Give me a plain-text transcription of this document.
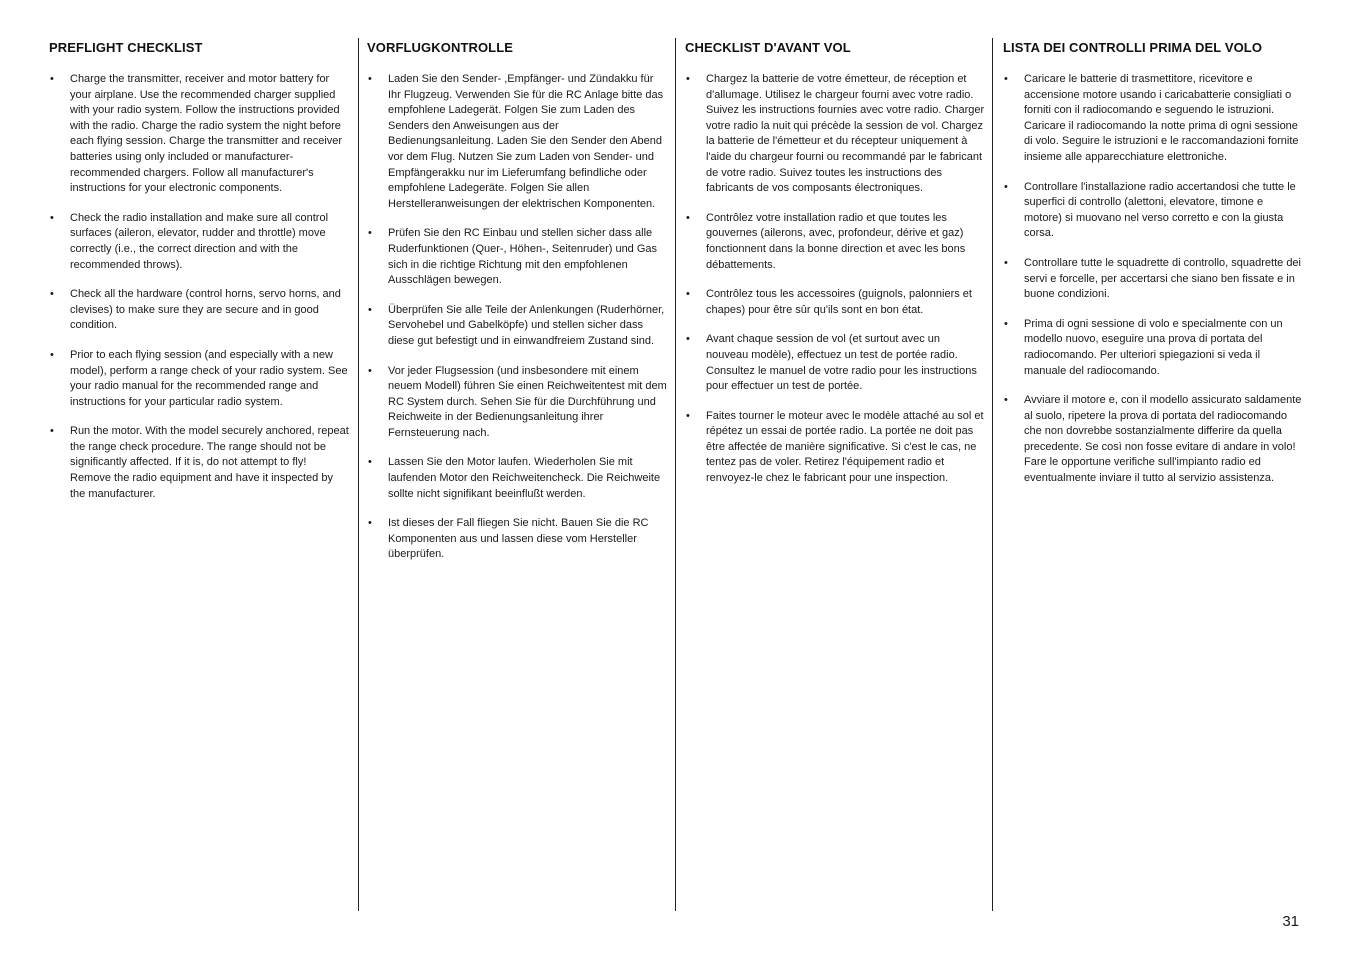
PREFLIGHT CHECKLIST
• Charge the transmitter, receiver and motor battery for your airplane. Use the recommended charger supplied with your radio system. Follow the instructions provided with the radio. Charge the radio system the night before each flying session. Charge the transmitter and receiver batteries using only included or manufacturer-recommended chargers. Follow all manufacturer's instructions for your electronic components.
• Check the radio installation and make sure all control surfaces (aileron, elevator, rudder and throttle) move correctly (i.e., the correct direction and with the recommended throws).
• Check all the hardware (control horns, servo horns, and clevises) to make sure they are secure and in good condition.
• Prior to each flying session (and especially with a new model), perform a range check of your radio system. See your radio manual for the recommended range and instructions for your particular radio system.
• Run the motor. With the model securely anchored, repeat the range check procedure. The range should not be significantly affected. If it is, do not attempt to fly! Remove the radio equipment and have it inspected by the manufacturer.
VORFLUGKONTROLLE
• Laden Sie den Sender- ,Empfänger- und Zündakku für Ihr Flugzeug. Verwenden Sie für die RC Anlage bitte das empfohlene Ladegerät. Folgen Sie zum Laden des Senders den Anweisungen aus der Bedienungsanleitung. Laden Sie den Sender den Abend vor dem Flug. Nutzen Sie zum Laden von Sender- und Empfängerakku nur im Lieferumfang befindliche oder empfohlene Ladegeräte. Folgen Sie allen Herstelleranweisungen der elektrischen Komponenten.
• Prüfen Sie den RC Einbau und stellen sicher dass alle Ruderfunktionen (Quer-, Höhen-, Seitenruder) und Gas sich in die richtige Richtung mit den empfohlenen Ausschlägen bewegen.
• Überprüfen Sie alle Teile der Anlenkungen (Ruderhörner, Servohebel und Gabelköpfe) und stellen sicher dass diese gut befestigt und in einwandfreiem Zustand sind.
• Vor jeder Flugsession (und insbesondere mit einem neuem Modell) führen Sie einen Reichweitentest mit dem RC System durch. Sehen Sie für die Durchführung und Reichweite in der Bedienungsanleitung ihrer Fernsteuerung nach.
• Lassen Sie den Motor laufen. Wiederholen Sie mit laufenden Motor den Reichweitencheck. Die Reichweite sollte nicht signifikant beeinflußt werden.
• Ist dieses der Fall fliegen Sie nicht. Bauen Sie die RC Komponenten aus und lassen diese vom Hersteller überprüfen.
CHECKLIST D'AVANT VOL
• Chargez la batterie de votre émetteur, de réception et d'allumage. Utilisez le chargeur fourni avec votre radio. Suivez les instructions fournies avec votre radio. Charger votre radio la nuit qui précède la session de vol. Chargez la batterie de l'émetteur et du récepteur uniquement à l'aide du chargeur fourni ou recommandé par le fabricant de votre radio. Suivez toutes les instructions des fabricants de vos composants électroniques.
• Contrôlez votre installation radio et que toutes les gouvernes (ailerons, avec, profondeur, dérive et gaz) fonctionnent dans la bonne direction et avec les bons débattements.
• Contrôlez tous les accessoires (guignols, palonniers et chapes) pour être sûr qu'ils sont en bon état.
• Avant chaque session de vol (et surtout avec un nouveau modèle), effectuez un test de portée radio. Consultez le manuel de votre radio pour les instructions pour effectuer un test de portée.
• Faites tourner le moteur avec le modèle attaché au sol et répétez un essai de portée radio. La portée ne doit pas être affectée de manière significative. Si c'est le cas, ne tentez pas de voler. Retirez l'équipement radio et renvoyez-le chez le fabricant pour une inspection.
LISTA DEI CONTROLLI PRIMA DEL VOLO
• Caricare le batterie di trasmettitore, ricevitore e accensione motore usando i caricabatterie consigliati o forniti con il radiocomando e seguendo le istruzioni. Caricare il radiocomando la notte prima di ogni sessione di volo. Seguire le istruzioni e le raccomandazioni fornite insieme alle apparecchiature elettroniche.
• Controllare l'installazione radio accertandosi che tutte le superfici di controllo (alettoni, elevatore, timone e motore) si muovano nel verso corretto e con la giusta corsa.
• Controllare tutte le squadrette di controllo, squadrette dei servi e forcelle, per accertarsi che siano ben fissate e in buone condizioni.
• Prima di ogni sessione di volo e specialmente con un modello nuovo, eseguire una prova di portata del radiocomando. Per ulteriori spiegazioni si veda il manuale del radiocomando.
• Avviare il motore e, con il modello assicurato saldamente al suolo, ripetere la prova di portata del radiocomando che non dovrebbe sostanzialmente differire da quella precedente. Se così non fosse evitare di andare in volo! Fare le opportune verifiche sull'impianto radio ed eventualmente inviare il tutto al servizio assistenza.
31
